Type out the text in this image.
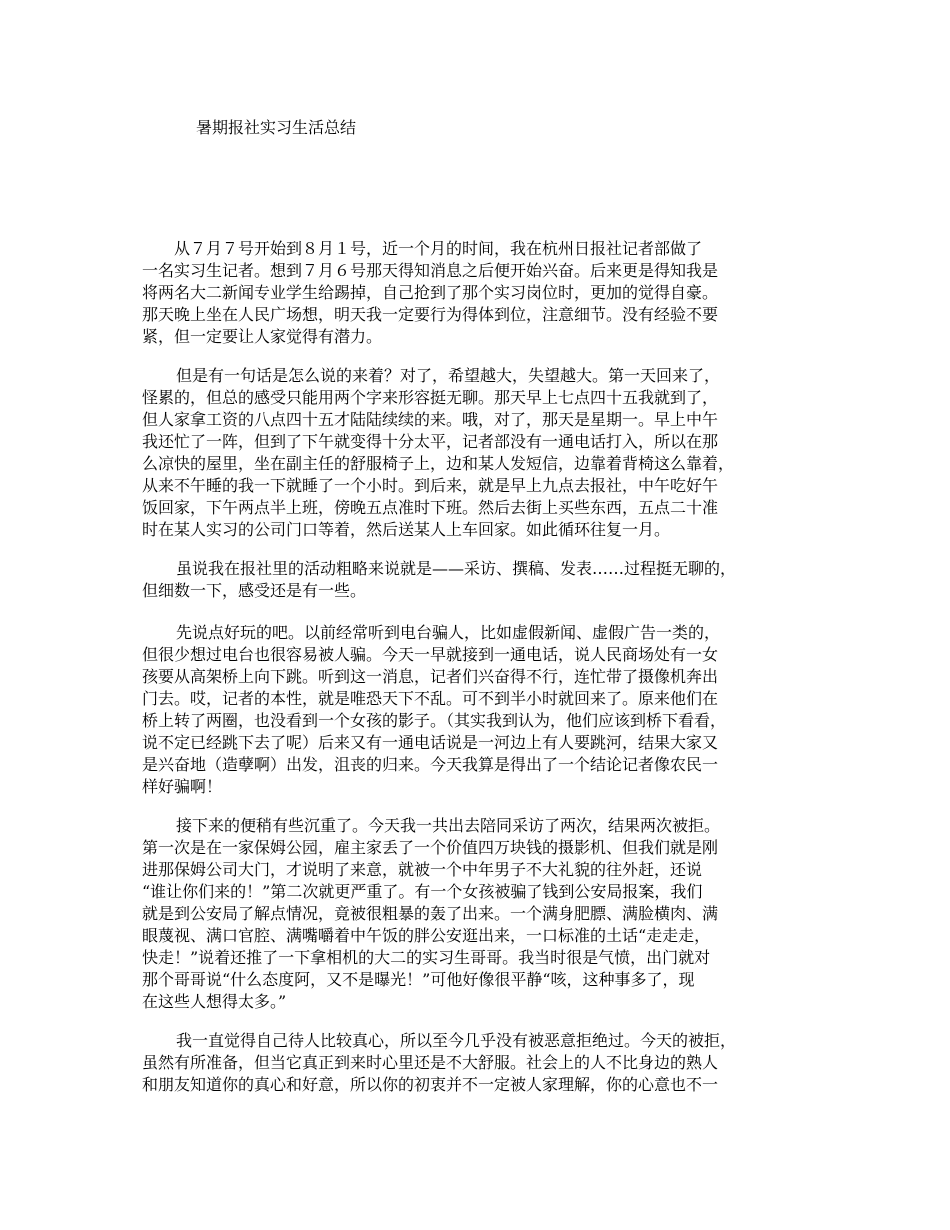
暑期报社实习生活总结
从７月７号开始到８月１号，近一个月的时间，我在杭州日报社记者部做了
一名实习生记者。想到７月６号那天得知消息之后便开始兴奋。后来更是得知我是
将两名大二新闻专业学生给踢掉，自己抢到了那个实习岗位时，更加的觉得自豪。
那天晚上坐在人民广场想，明天我一定要行为得体到位，注意细节。没有经验不要
紧，但一定要让人家觉得有潜力。
但是有一句话是怎么说的来着？对了，希望越大，失望越大。第一天回来了，
怪累的，但总的感受只能用两个字来形容挺无聊。那天早上七点四十五我就到了，
但人家拿工资的八点四十五才陆陆续续的来。哦，对了，那天是星期一。早上中午
我还忙了一阵，但到了下午就变得十分太平，记者部没有一通电话打入，所以在那
么凉快的屋里，坐在副主任的舒服椅子上，边和某人发短信，边靠着背椅这么靠着，
从来不午睡的我一下就睡了一个小时。到后来，就是早上九点去报社，中午吃好午
饭回家，下午两点半上班，傍晚五点准时下班。然后去街上买些东西，五点二十准
时在某人实习的公司门口等着，然后送某人上车回家。如此循环往复一月。
虽说我在报社里的活动粗略来说就是——采访、撰稿、发表……过程挺无聊的，
但细数一下，感受还是有一些。
先说点好玩的吧。以前经常听到电台骗人，比如虚假新闻、虚假广告一类的，
但很少想过电台也很容易被人骗。今天一早就接到一通电话，说人民商场处有一女
孩要从高架桥上向下跳。听到这一消息，记者们兴奋得不行，连忙带了摄像机奔出
门去。哎，记者的本性，就是唯恐天下不乱。可不到半小时就回来了。原来他们在
桥上转了两圈，也没看到一个女孩的影子。（其实我到认为，他们应该到桥下看看，
说不定已经跳下去了呢）后来又有一通电话说是一河边上有人要跳河，结果大家又
是兴奋地（造孽啊）出发，沮丧的归来。今天我算是得出了一个结论记者像农民一
样好骗啊！
接下来的便稍有些沉重了。今天我一共出去陪同采访了两次，结果两次被拒。
第一次是在一家保姆公园，雇主家丢了一个价值四万块钱的摄影机、但我们就是刚
进那保姆公司大门，才说明了来意，就被一个中年男子不大礼貌的往外赶，还说
“谁让你们来的！”第二次就更严重了。有一个女孩被骗了钱到公安局报案，我们
就是到公安局了解点情况，竟被很粗暴的轰了出来。一个满身肥膘、满脸横肉、满
眼蔑视、满口官腔、满嘴嚼着中午饭的胖公安逛出来，一口标准的土话“走走走，
快走！”说着还推了一下拿相机的大二的实习生哥哥。我当时很是气愤，出门就对
那个哥哥说“什么态度阿，又不是曝光！”可他好像很平静“咳，这种事多了，现
在这些人想得太多。”
我一直觉得自己待人比较真心，所以至今几乎没有被恶意拒绝过。今天的被拒，
虽然有所准备，但当它真正到来时心里还是不大舒服。社会上的人不比身边的熟人
和朋友知道你的真心和好意，所以你的初衷并不一定被人家理解，你的心意也不一
